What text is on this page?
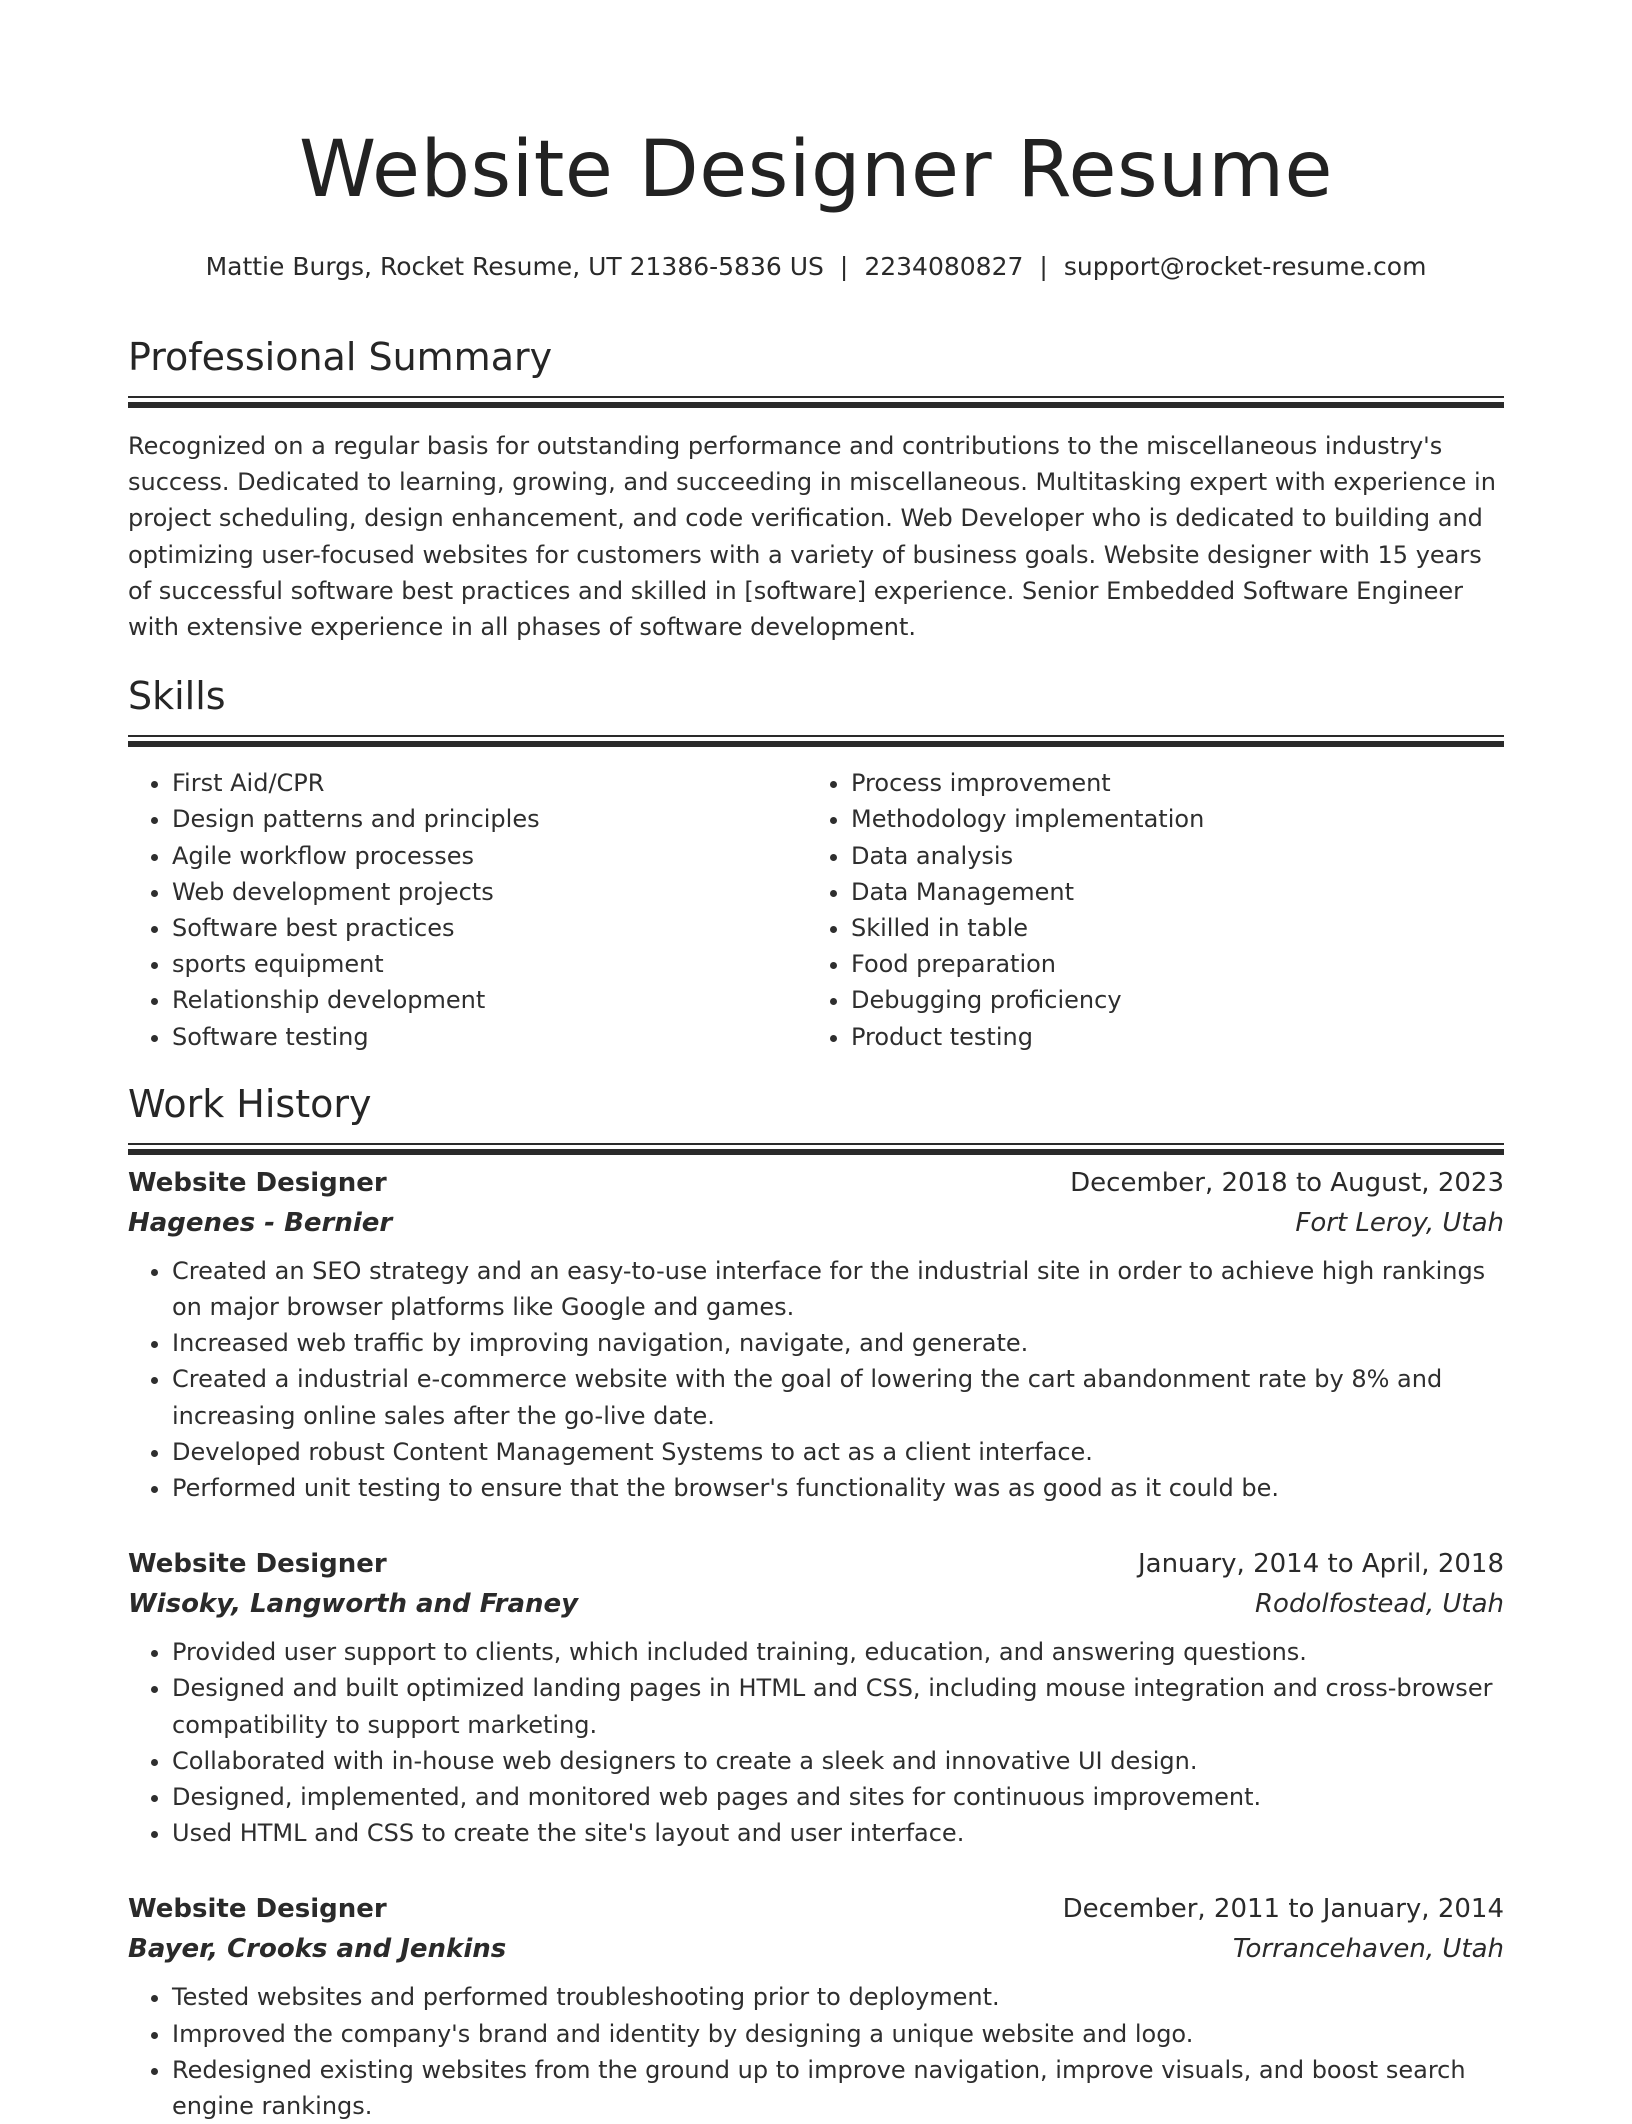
Website Designer Resume
Mattie Burgs, Rocket Resume, UT 21386-5836 US | 2234080827 | support@rocket-resume.com
Professional Summary

Recognized on a regular basis for outstanding performance and contributions to the miscellaneous industry's success. Dedicated to learning, growing, and succeeding in miscellaneous. Multitasking expert with experience in project scheduling, design enhancement, and code verification. Web Developer who is dedicated to building and optimizing user-focused websites for customers with a variety of business goals. Website designer with 15 years of successful software best practices and skilled in [software] experience. Senior Embedded Software Engineer with extensive experience in all phases of software development.

Skills
• First Aid/CPR
• Design patterns and principles
• Agile workflow processes
• Web development projects
• Software best practices
• sports equipment
• Relationship development
• Software testing
• Process improvement
• Methodology implementation
• Data analysis
• Data Management
• Skilled in table
• Food preparation
• Debugging proficiency
• Product testing
Work History
Website Designer	December, 2018 to August, 2023
Hagenes - Bernier	Fort Leroy, Utah
• Created an SEO strategy and an easy-to-use interface for the industrial site in order to achieve high rankings on major browser platforms like Google and games.
• Increased web traffic by improving navigation, navigate, and generate.
• Created a industrial e-commerce website with the goal of lowering the cart abandonment rate by 8% and increasing online sales after the go-live date.
• Developed robust Content Management Systems to act as a client interface.
• Performed unit testing to ensure that the browser's functionality was as good as it could be.
Website Designer	January, 2014 to April, 2018
Wisoky, Langworth and Franey	Rodolfostead, Utah
• Provided user support to clients, which included training, education, and answering questions.
• Designed and built optimized landing pages in HTML and CSS, including mouse integration and cross-browser compatibility to support marketing.
• Collaborated with in-house web designers to create a sleek and innovative UI design.
• Designed, implemented, and monitored web pages and sites for continuous improvement.
• Used HTML and CSS to create the site's layout and user interface.
Website Designer	December, 2011 to January, 2014
Bayer, Crooks and Jenkins	Torrancehaven, Utah
• Tested websites and performed troubleshooting prior to deployment.
• Improved the company's brand and identity by designing a unique website and logo.
• Redesigned existing websites from the ground up to improve navigation, improve visuals, and boost search engine rankings.
